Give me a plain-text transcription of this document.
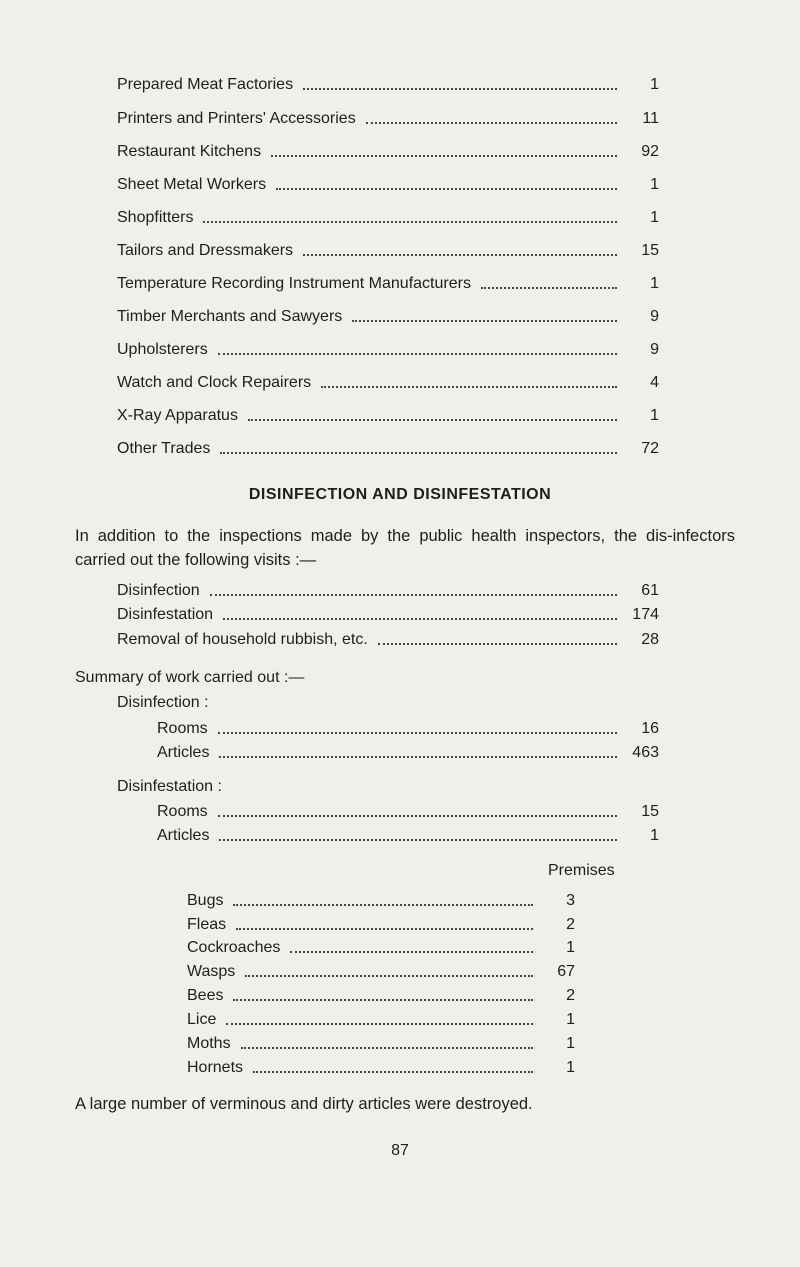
Prepared Meat Factories	1
Printers and Printers' Accessories	11
Restaurant Kitchens	92
Sheet Metal Workers	1
Shopfitters	1
Tailors and Dressmakers	15
Temperature Recording Instrument Manufacturers	1
Timber Merchants and Sawyers	9
Upholsterers	9
Watch and Clock Repairers	4
X-Ray Apparatus	1
Other Trades	72
DISINFECTION AND DISINFESTATION
In addition to the inspections made by the public health inspectors, the dis-infectors carried out the following visits :—
Disinfection	61
Disinfestation	174
Removal of household rubbish, etc.	28
Summary of work carried out :—
Disinfection :
Rooms	16
Articles	463
Disinfestation :
Rooms	15
Articles	1
Premises
Bugs	3
Fleas	2
Cockroaches	1
Wasps	67
Bees	2
Lice	1
Moths	1
Hornets	1
A large number of verminous and dirty articles were destroyed.
87
